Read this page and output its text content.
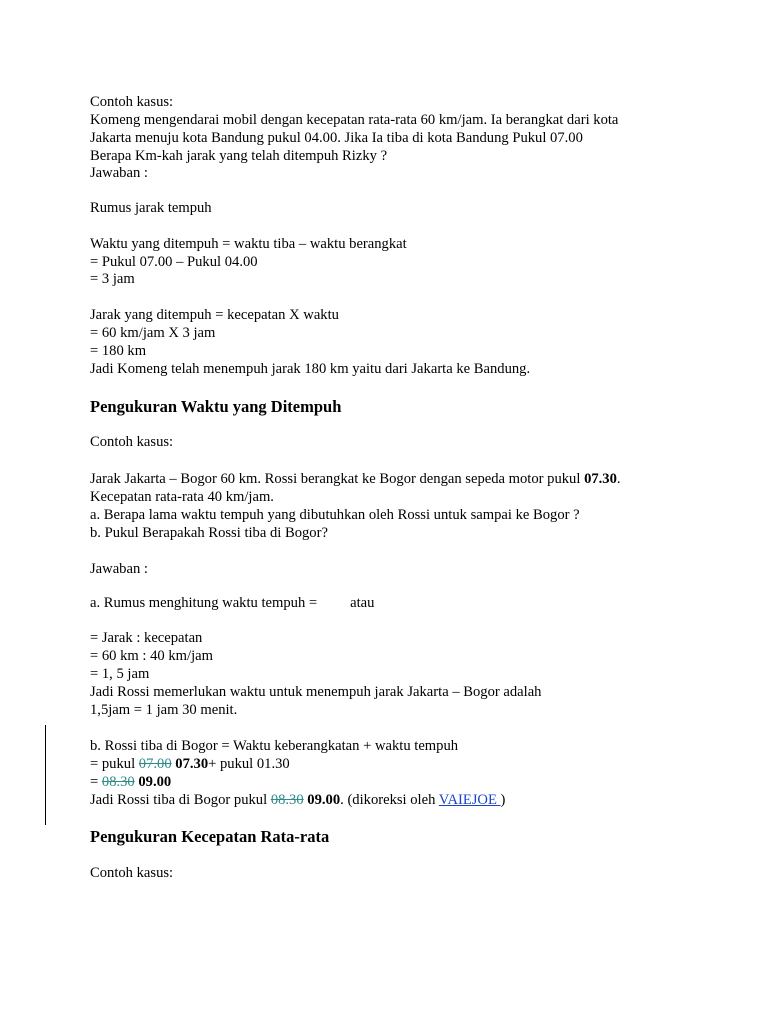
Contoh kasus:
Komeng mengendarai mobil dengan kecepatan rata-rata 60 km/jam. Ia berangkat dari kota
Jakarta menuju kota Bandung pukul 04.00. Jika Ia tiba di kota Bandung Pukul 07.00
Berapa Km-kah jarak yang telah ditempuh Rizky ?
Jawaban :
Rumus jarak tempuh
Waktu yang ditempuh = waktu tiba – waktu berangkat
= Pukul 07.00 – Pukul 04.00
= 3 jam
Jarak yang ditempuh = kecepatan X waktu
= 60 km/jam X 3 jam
= 180 km
Jadi Komeng telah menempuh jarak 180 km yaitu dari Jakarta ke Bandung.
Pengukuran Waktu yang Ditempuh
Contoh kasus:
Jarak Jakarta – Bogor 60 km. Rossi berangkat ke Bogor dengan sepeda motor pukul 07.30.
Kecepatan rata-rata 40 km/jam.
a. Berapa lama waktu tempuh yang dibutuhkan oleh Rossi untuk sampai ke Bogor ?
b. Pukul Berapakah Rossi tiba di Bogor?
Jawaban :
a. Rumus menghitung waktu tempuh = atau
= Jarak : kecepatan
= 60 km : 40 km/jam
= 1, 5 jam
Jadi Rossi memerlukan waktu untuk menempuh jarak Jakarta – Bogor adalah
1,5jam = 1 jam 30 menit.
b. Rossi tiba di Bogor = Waktu keberangkatan + waktu tempuh
= pukul 07.00 07.30+ pukul 01.30
= 08.30 09.00
Jadi Rossi tiba di Bogor pukul 08.30 09.00. (dikoreksi oleh VAIEJOE )
Pengukuran Kecepatan Rata-rata
Contoh kasus:
